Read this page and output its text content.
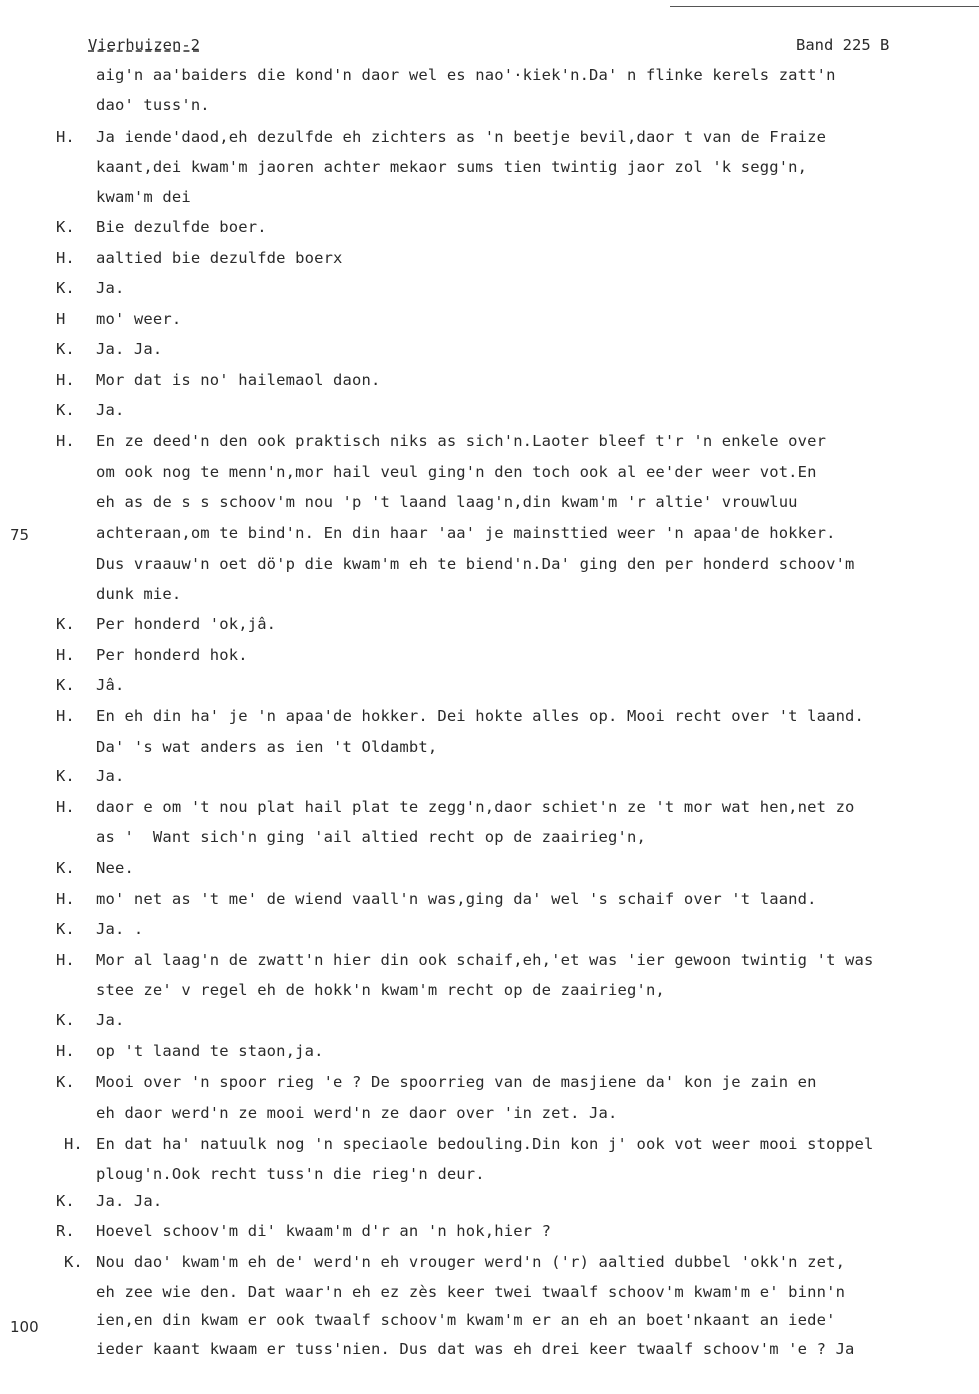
Vierhuizen-2	Band 225 B
75
100
aig'n aa'baiders die kond'n daor wel es nao'·kiek'n.Da' n flinke kerels zatt'n
dao' tuss'n.
H. Ja iende'daod,eh dezulfde eh zichters as 'n beetje bevil,daor t van de Fraize
kaant,dei kwam'm jaoren achter mekaor sums tien twintig jaor zol 'k segg'n,
kwam'm dei
K. Bie dezulfde boer.
H. aaltied bie dezulfde boerx
K. Ja.
H mo' weer.
K. Ja. Ja.
H. Mor dat is no' hailemaol daon.
K. Ja.
H. En ze deed'n den ook praktisch niks as sich'n.Laoter bleef t'r 'n enkele over
om ook nog te menn'n,mor hail veul ging'n den toch ook al ee'der weer vot.En
eh as de s s schoov'm nou 'p 't laand laag'n,din kwam'm 'r altie' vrouwluu
achteraan,om te bind'n. En din haar 'aa' je mainsttied weer 'n apaa'de hokker.
Dus vraauw'n oet dö'p die kwam'm eh te biend'n.Da' ging den per honderd schoov'm
dunk mie.
K. Per honderd 'ok,jâ.
H. Per honderd hok.
K. Jâ.
H. En eh din ha' je 'n apaa'de hokker. Dei hokte alles op. Mooi recht over 't laand.
Da' 's wat anders as ien 't Oldambt,
K. Ja.
H. daor e om 't nou plat hail plat te zegg'n,daor schiet'n ze 't mor wat hen,net zo
as '  Want sich'n ging 'ail altied recht op de zaairieg'n,
K. Nee.
H. mo' net as 't me' de wiend vaall'n was,ging da' wel 's schaif over 't laand.
K. Ja. .
H. Mor al laag'n de zwatt'n hier din ook schaif,eh,'et was 'ier gewoon twintig 't was
stee ze' v regel eh de hokk'n kwam'm recht op de zaairieg'n,
K. Ja.
H. op 't laand te staon,ja.
K. Mooi over 'n spoor rieg 'e ? De spoorrieg van de masjiene da' kon je zain en
eh daor werd'n ze mooi werd'n ze daor over 'in zet. Ja.
H. En dat ha' natuulk nog 'n speciaole bedouling.Din kon j' ook vot weer mooi stoppel
ploug'n.Ook recht tuss'n die rieg'n deur.
K. Ja. Ja.
R. Hoevel schoov'm di' kwaam'm d'r an 'n hok,hier ?
K. Nou dao' kwam'm eh de' werd'n eh vrouger werd'n ('r) aaltied dubbel 'okk'n zet,
eh zee wie den. Dat waar'n eh ez zès keer twei twaalf schoov'm kwam'm e' binn'n
ien,en din kwam er ook twaalf schoov'm kwam'm er an eh an boet'nkaant an iede'
ieder kaant kwaam er tuss'nien. Dus dat was eh drei keer twaalf schoov'm 'e ? Ja
